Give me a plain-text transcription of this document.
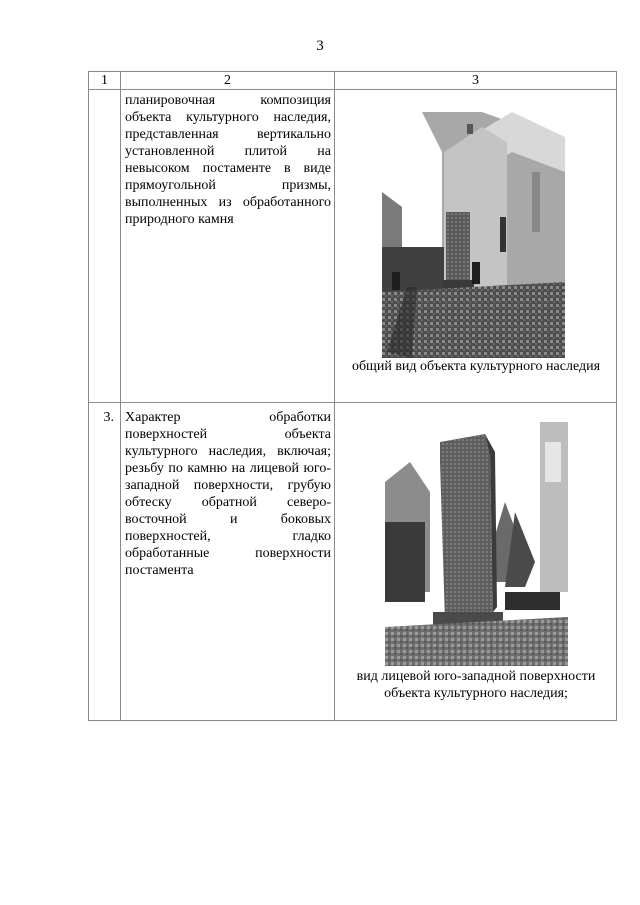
3
1	2	3
	планировочная композиция объекта культурного наследия, представленная вертикально установленной плитой на невысоком постаменте в виде прямоугольной призмы, выполненных из обработанного природного камня	общий вид объекта культурного наследия

3.	Характер обработки поверхностей объекта культурного наследия, включая; резьбу по камню на лицевой юго-западной поверхности, грубую обтеску обратной северо-восточной и боковых поверхностей, гладко обработанные поверхности постамента	вид лицевой юго-западной поверхности объекта культурного наследия;
